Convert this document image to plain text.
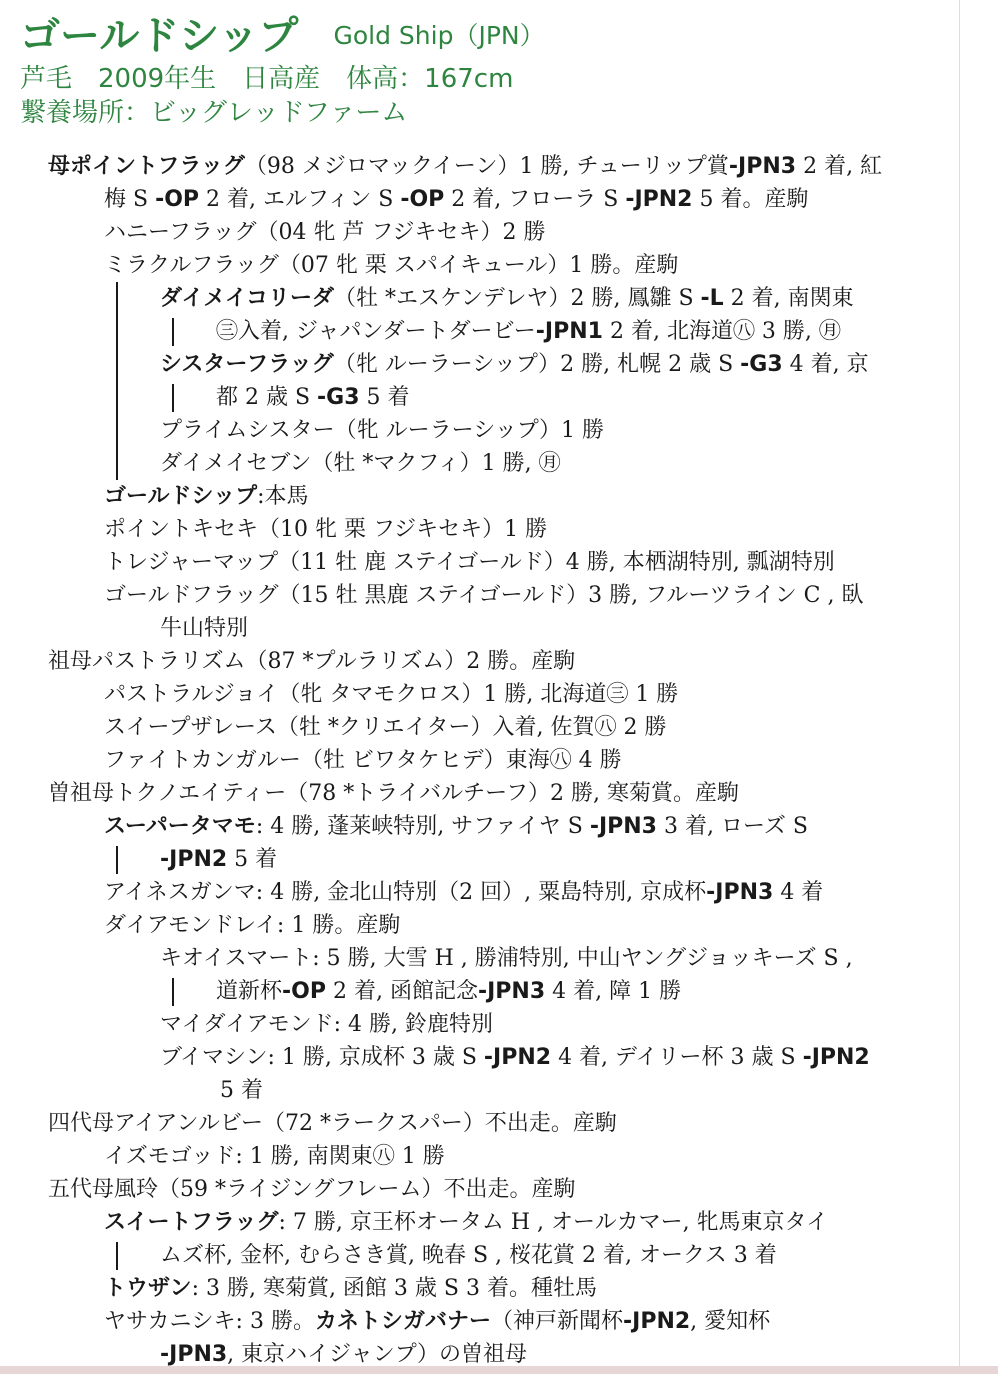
ゴールドシップ Gold Ship（JPN）
芦毛　2009年生　日高産　体高：167cm
繋養場所：ビッグレッドファーム
母ポイントフラッグ（98 メジロマックイーン）1 勝, チューリップ賞-JPN3 2 着, 紅
梅 S -OP 2 着, エルフィン S -OP 2 着, フローラ S -JPN2 5 着。産駒
ハニーフラッグ（04 牝 芦 フジキセキ）2 勝
ミラクルフラッグ（07 牝 栗 スパイキュール）1 勝。産駒
ダイメイコリーダ（牡 *エスケンデレヤ）2 勝, 鳳雛 S -L 2 着, 南関東
㊂入着, ジャパンダートダービー-JPN1 2 着, 北海道㊇ 3 勝, ㊊
シスターフラッグ（牝 ルーラーシップ）2 勝, 札幌 2 歳 S -G3 4 着, 京
都 2 歳 S -G3 5 着
プライムシスター（牝 ルーラーシップ）1 勝
ダイメイセブン（牡 *マクフィ）1 勝, ㊊
ゴールドシップ:本馬
ポイントキセキ（10 牝 栗 フジキセキ）1 勝
トレジャーマップ（11 牡 鹿 ステイゴールド）4 勝, 本栖湖特別, 瓢湖特別
ゴールドフラッグ（15 牡 黒鹿 ステイゴールド）3 勝, フルーツライン C , 臥
牛山特別
祖母パストラリズム（87 *プルラリズム）2 勝。産駒
パストラルジョイ（牝 タマモクロス）1 勝, 北海道㊂ 1 勝
スイープザレース（牡 *クリエイター）入着, 佐賀㊇ 2 勝
ファイトカンガルー（牡 ビワタケヒデ）東海㊇ 4 勝
曽祖母トクノエイティー（78 *トライバルチーフ）2 勝, 寒菊賞。産駒
スーパータマモ: 4 勝, 蓬莱峡特別, サファイヤ S -JPN3 3 着, ローズ S
-JPN2 5 着
アイネスガンマ: 4 勝, 金北山特別（2 回）, 粟島特別, 京成杯-JPN3 4 着
ダイアモンドレイ: 1 勝。産駒
キオイスマート: 5 勝, 大雪 H , 勝浦特別, 中山ヤングジョッキーズ S ,
道新杯-OP 2 着, 函館記念-JPN3 4 着, 障 1 勝
マイダイアモンド: 4 勝, 鈴鹿特別
ブイマシン: 1 勝, 京成杯 3 歳 S -JPN2 4 着, デイリー杯 3 歳 S -JPN2
5 着
四代母アイアンルビー（72 *ラークスパー）不出走。産駒
イズモゴッド: 1 勝, 南関東㊇ 1 勝
五代母風玲（59 *ライジングフレーム）不出走。産駒
スイートフラッグ: 7 勝, 京王杯オータム H , オールカマー, 牝馬東京タイ
ムズ杯, 金杯, むらさき賞, 晩春 S , 桜花賞 2 着, オークス 3 着
トウザン: 3 勝, 寒菊賞, 函館 3 歳 S 3 着。種牡馬
ヤサカニシキ: 3 勝。カネトシガバナー（神戸新聞杯-JPN2, 愛知杯
-JPN3, 東京ハイジャンプ）の曽祖母
